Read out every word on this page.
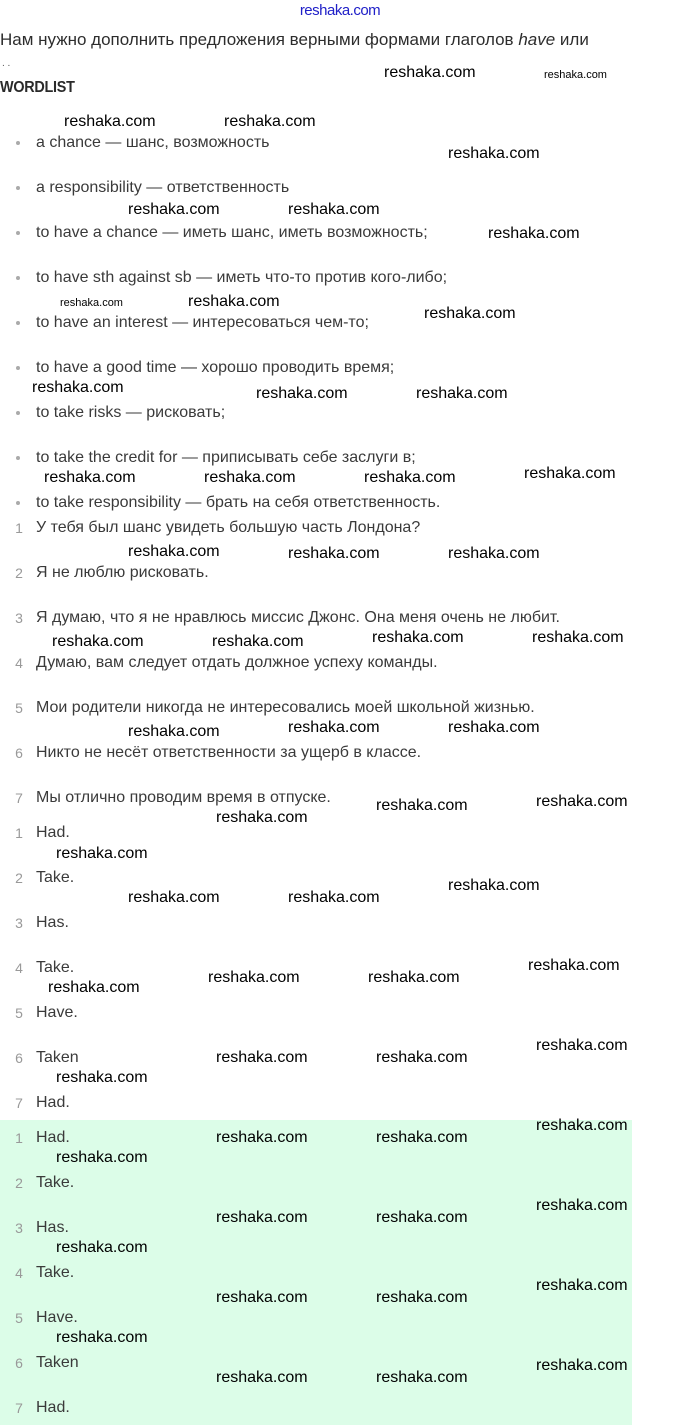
reshaka.com
Нам нужно дополнить предложения верными формами глаголов have или
. .
WORDLIST
a chance — шанс, возможность
a responsibility — ответственность
to have a chance — иметь шанс, иметь возможность;
to have sth against sb — иметь что-то против кого-либо;
to have an interest — интересоваться чем-то;
to have a good time — хорошо проводить время;
to take risks — рисковать;
to take the credit for — приписывать себе заслуги в;
to take responsibility — брать на себя ответственность.
1 У тебя был шанс увидеть большую часть Лондона?
2 Я не люблю рисковать.
3 Я думаю, что я не нравлюсь миссис Джонс. Она меня очень не любит.
4 Думаю, вам следует отдать должное успеху команды.
5 Мои родители никогда не интересовались моей школьной жизнью.
6 Никто не несёт ответственности за ущерб в классе.
7 Мы отлично проводим время в отпуске.
1 Had.
2 Take.
3 Has.
4 Take.
5 Have.
6 Taken
7 Had.
1 Had.
2 Take.
3 Has.
4 Take.
5 Have.
6 Taken
7 Had.
reshaka.com	reshaka.com
reshaka.com	reshaka.com
reshaka.com
reshaka.com	reshaka.com
reshaka.com
reshaka.com	reshaka.com
reshaka.com
reshaka.com	reshaka.com	reshaka.com
reshaka.com	reshaka.com	reshaka.com	reshaka.com
reshaka.com	reshaka.com	reshaka.com
reshaka.com	reshaka.com	reshaka.com	reshaka.com
reshaka.com	reshaka.com
reshaka.com
reshaka.com	reshaka.com
reshaka.com
reshaka.com
reshaka.com
reshaka.com	reshaka.com
reshaka.com
reshaka.com
reshaka.com	reshaka.com
reshaka.com
reshaka.com	reshaka.com
reshaka.com
reshaka.com
reshaka.com	reshaka.com
reshaka.com
reshaka.com
reshaka.com	reshaka.com
reshaka.com
reshaka.com
reshaka.com	reshaka.com
reshaka.com
reshaka.com
reshaka.com	reshaka.com
